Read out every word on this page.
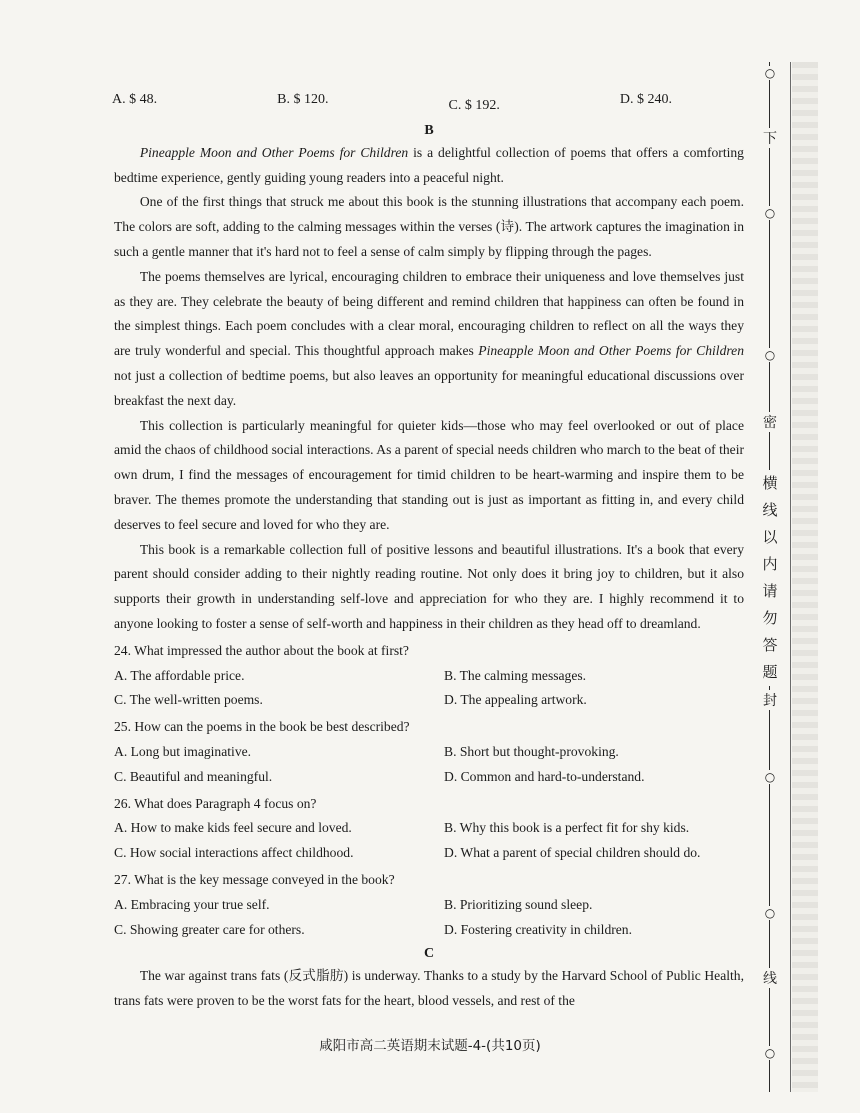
○
下
○
○
密
横线以内请勿答题
封
○
○
线
○
A. $ 48.	B. $ 120.	C. $ 192.	D. $ 240.
B

Pineapple Moon and Other Poems for Children is a delightful collection of poems that offers a comforting bedtime experience, gently guiding young readers into a peaceful night.

One of the first things that struck me about this book is the stunning illustrations that accompany each poem. The colors are soft, adding to the calming messages within the verses (诗). The artwork captures the imagination in such a gentle manner that it's hard not to feel a sense of calm simply by flipping through the pages.

The poems themselves are lyrical, encouraging children to embrace their uniqueness and love themselves just as they are. They celebrate the beauty of being different and remind children that happiness can often be found in the simplest things. Each poem concludes with a clear moral, encouraging children to reflect on all the ways they are truly wonderful and special. This thoughtful approach makes Pineapple Moon and Other Poems for Children not just a collection of bedtime poems, but also leaves an opportunity for meaningful educational discussions over breakfast the next day.

This collection is particularly meaningful for quieter kids—those who may feel overlooked or out of place amid the chaos of childhood social interactions. As a parent of special needs children who march to the beat of their own drum, I find the messages of encouragement for timid children to be heart-warming and inspire them to be braver. The themes promote the understanding that standing out is just as important as fitting in, and every child deserves to feel secure and loved for who they are.

This book is a remarkable collection full of positive lessons and beautiful illustrations. It's a book that every parent should consider adding to their nightly reading routine. Not only does it bring joy to children, but it also supports their growth in understanding self-love and appreciation for who they are. I highly recommend it to anyone looking to foster a sense of self-worth and happiness in their children as they head off to dreamland.

24. What impressed the author about the book at first?
A. The affordable price.	B. The calming messages.
C. The well-written poems.	D. The appealing artwork.
25. How can the poems in the book be best described?
A. Long but imaginative.	B. Short but thought-provoking.
C. Beautiful and meaningful.	D. Common and hard-to-understand.
26. What does Paragraph 4 focus on?
A. How to make kids feel secure and loved.	B. Why this book is a perfect fit for shy kids.
C. How social interactions affect childhood.	D. What a parent of special children should do.
27. What is the key message conveyed in the book?
A. Embracing your true self.	B. Prioritizing sound sleep.
C. Showing greater care for others.	D. Fostering creativity in children.
C

The war against trans fats (反式脂肪) is underway. Thanks to a study by the Harvard School of Public Health, trans fats were proven to be the worst fats for the heart, blood vessels, and rest of the

咸阳市高二英语期末试题-4-(共10页)
